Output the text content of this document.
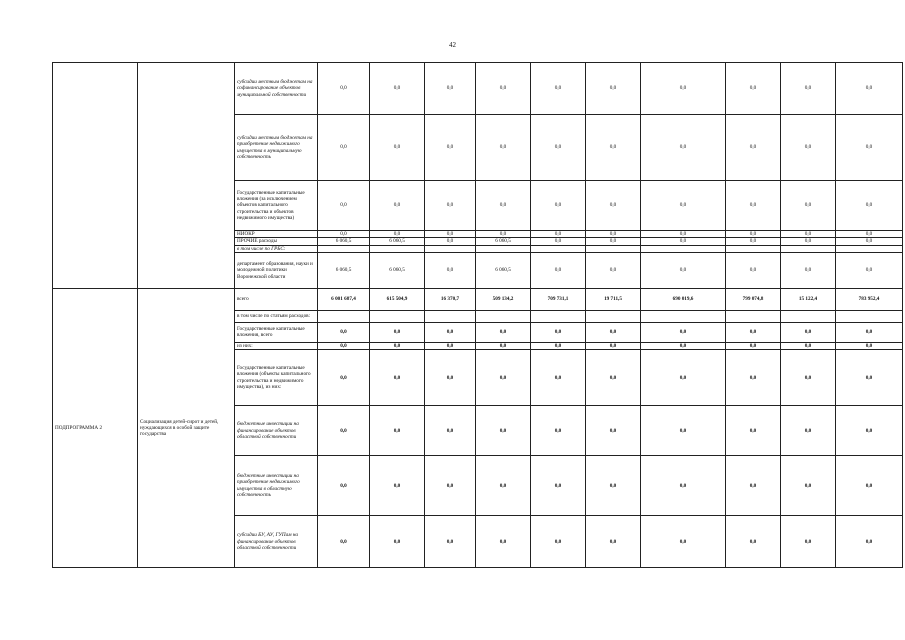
42
		субсидии местным бюджетам на софинансирование объектов муниципальной собственности	0,0	0,0	0,0	0,0	0,0	0,0	0,0	0,0	0,0	0,0
		субсидии местным бюджетам на приобретение недвижимого имущества в муниципальную собственность	0,0	0,0	0,0	0,0	0,0	0,0	0,0	0,0	0,0	0,0
		Государственные капитальные вложения (за исключением объектов капитального строительства и объектов недвижимого имущества)	0,0	0,0	0,0	0,0	0,0	0,0	0,0	0,0	0,0	0,0
		НИОКР	0,0	0,0	0,0	0,0	0,0	0,0	0,0	0,0	0,0	0,0
		ПРОЧИЕ расходы	6 060,5	6 060,5	0,0	6 060,5	0,0	0,0	0,0	0,0	0,0	0,0
		в том числе по ГРБС:										
		департамент образования, науки и молодежной политики Воронежской области	6 060,5	6 060,5	0,0	6 060,5	0,0	0,0	0,0	0,0	0,0	0,0
ПОДПРОГРАММА 2	Социализация детей-сирот и детей, нуждающихся в особой защите государства	всего	6 001 687,4	615 504,9	16 370,7	509 134,2	709 731,1	19 711,5	690 019,6	799 074,8	15 122,4	783 952,4
		в том числе по статьям расходов:										
		Государственные капитальные вложения, всего	0,0	0,0	0,0	0,0	0,0	0,0	0,0	0,0	0,0	0,0
		из них:	0,0	0,0	0,0	0,0	0,0	0,0	0,0	0,0	0,0	0,0
		Государственные капитальные вложения (объекты капитального строительства и недвижимого имущества), из них:	0,0	0,0	0,0	0,0	0,0	0,0	0,0	0,0	0,0	0,0
		бюджетные инвестиции на финансирование объектов областной собственности	0,0	0,0	0,0	0,0	0,0	0,0	0,0	0,0	0,0	0,0
		бюджетные инвестиции на приобретение недвижимого имущества в областную собственность	0,0	0,0	0,0	0,0	0,0	0,0	0,0	0,0	0,0	0,0
		субсидии БУ, АУ, ГУПам на финансирование объектов областной собственности	0,0	0,0	0,0	0,0	0,0	0,0	0,0	0,0	0,0	0,0
